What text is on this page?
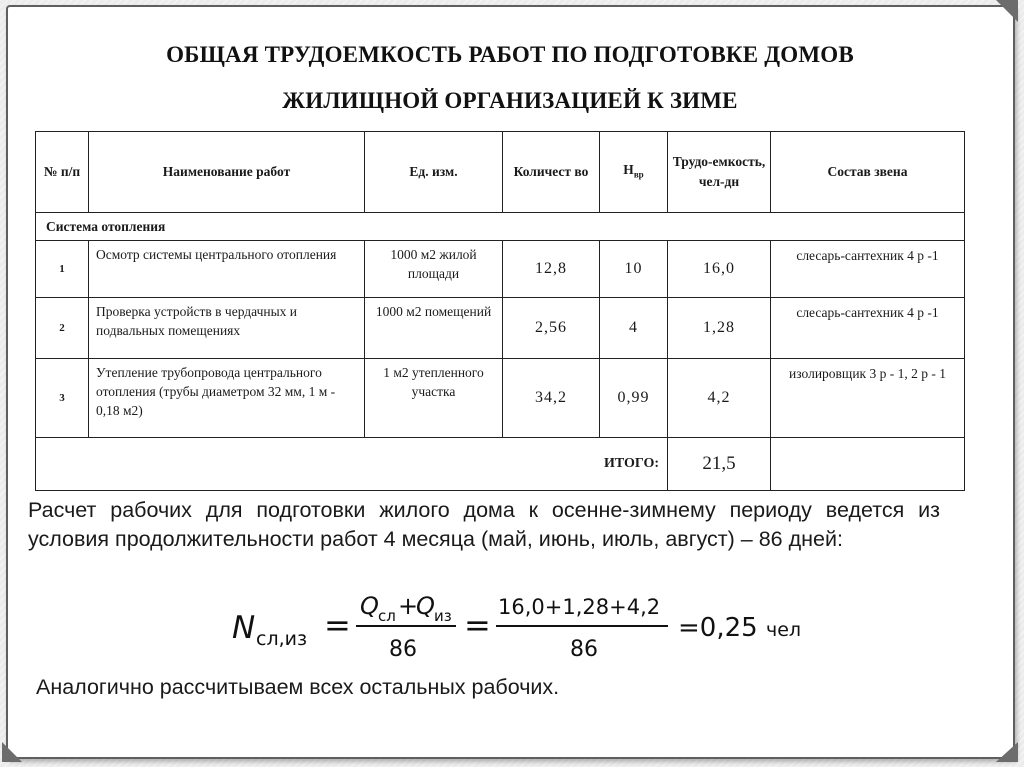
ОБЩАЯ ТРУДОЕМКОСТЬ РАБОТ ПО ПОДГОТОВКЕ ДОМОВ
ЖИЛИЩНОЙ ОРГАНИЗАЦИЕЙ К ЗИМЕ
№ п/п	Наименование работ	Ед. изм.	Количест во	$Н_{вр}$	Трудо-емкость, чел-дн	Состав звена
Система отопления						
1	Осмотр системы центрального отопления	1000 м2 жилой площади	12,8	10	16,0	слесарь-сантехник 4 р -1
2	Проверка устройств в чердачных и подвальных помещениях	1000 м2 помещений	2,56	4	1,28	слесарь-сантехник 4 р -1
3	Утепление трубопровода центрального отопления (трубы диаметром 32 мм, 1 м - 0,18 м2)	1 м2 утепленного участка	34,2	0,99	4,2	изолировщик 3 р - 1, 2 р - 1
ИТОГО:					21,5	
Расчет рабочих для подготовки жилого дома к осенне-зимнему периоду ведется из условия продолжительности работ 4 месяца (май, июнь, июль, август) – 86 дней:
N сл,из = Q сл +
Q из
86
= 16,0+1,28+4,2
86
=0,25 чел
Аналогично рассчитываем всех остальных рабочих.
